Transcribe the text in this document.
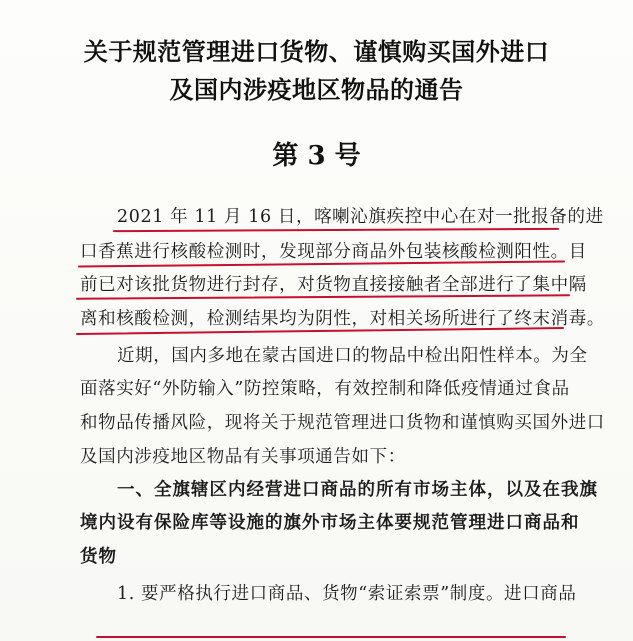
关于规范管理进口货物、谨慎购买国外进口
及国内涉疫地区物品的通告
第 3 号
2021 年 11 月 16 日，喀喇沁旗疾控中心在对一批报备的进
口香蕉进行核酸检测时，发现部分商品外包装核酸检测阳性。目
前已对该批货物进行封存，对货物直接接触者全部进行了集中隔
离和核酸检测，检测结果均为阴性，对相关场所进行了终末消毒。
近期，国内多地在蒙古国进口的物品中检出阳性样本。为全
面落实好“外防输入”防控策略，有效控制和降低疫情通过食品
和物品传播风险，现将关于规范管理进口货物和谨慎购买国外进口
及国内涉疫地区物品有关事项通告如下：
一、全旗辖区内经营进口商品的所有市场主体，以及在我旗
境内设有保险库等设施的旗外市场主体要规范管理进口商品和
货物
1. 要严格执行进口商品、货物“索证索票”制度。进口商品
